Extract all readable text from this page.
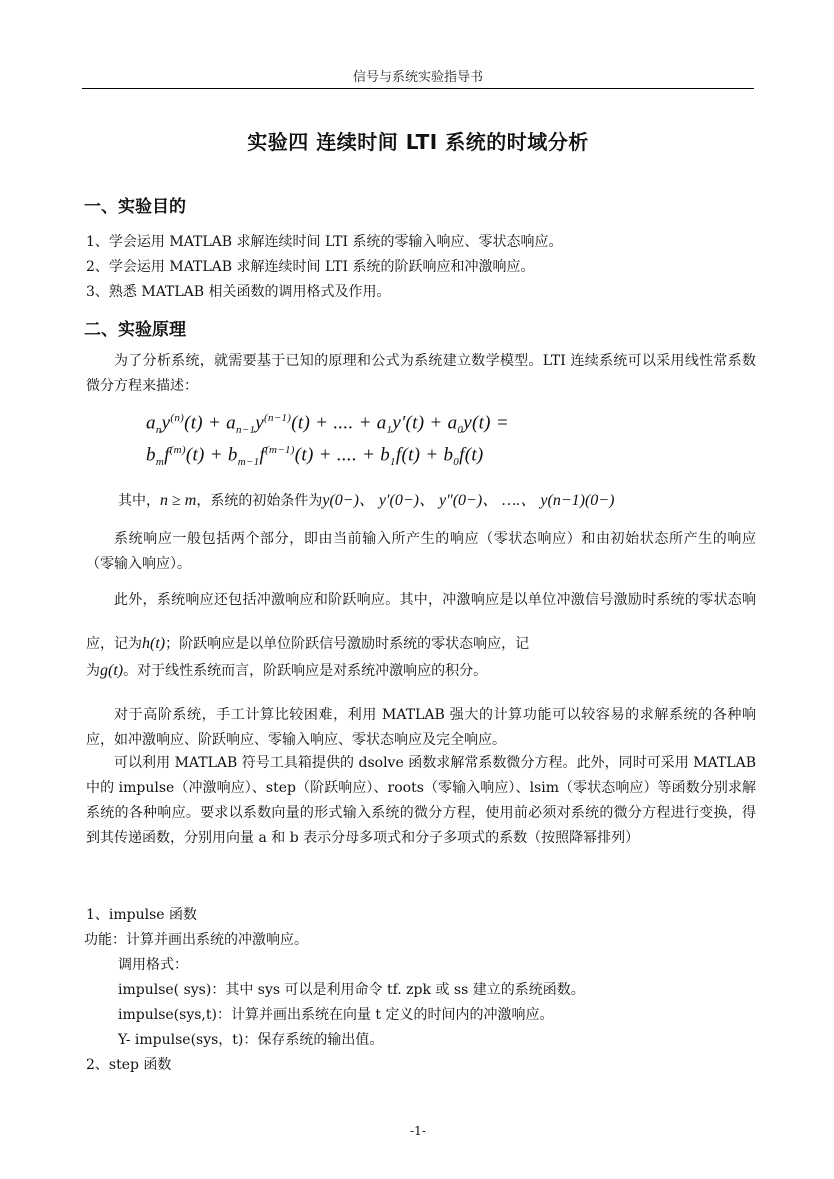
信号与系统实验指导书
实验四 连续时间 LTI 系统的时域分析
一、实验目的
1、学会运用 MATLAB 求解连续时间 LTI 系统的零输入响应、零状态响应。
2、学会运用 MATLAB 求解连续时间 LTI 系统的阶跃响应和冲激响应。
3、熟悉 MATLAB 相关函数的调用格式及作用。
二、实验原理
为了分析系统，就需要基于已知的原理和公式为系统建立数学模型。LTI 连续系统可以采用线性常系数微分方程来描述：
$a_ny^{(n)}(t) + a_{n-1}y^{(n-1)}(t)$ + .... + $a_1y'(t) + a_0y(t)$ =
$b_mf^{(m)}(t) + b_{m-1}f^{(m-1)}(t)$ + .... + $b_1f(t) + b_0f(t)$
其中，n ≥ m，系统的初始条件为y(0−)、 y′(0−)、 y″(0−)、 ….、 y(n−1)(0−)
系统响应一般包括两个部分，即由当前输入所产生的响应（零状态响应）和由初始状态所产生的响应（零输入响应）。
此外，系统响应还包括冲激响应和阶跃响应。其中，冲激响应是以单位冲激信号激励时系统的零状态响应，记为h(t)；阶跃响应是以单位阶跃信号激励时系统的零状态响应，记
为g(t)。对于线性系统而言，阶跃响应是对系统冲激响应的积分。
对于高阶系统，手工计算比较困难，利用 MATLAB 强大的计算功能可以较容易的求解系统的各种响应，如冲激响应、阶跃响应、零输入响应、零状态响应及完全响应。
可以利用 MATLAB 符号工具箱提供的 dsolve 函数求解常系数微分方程。此外，同时可采用 MATLAB 中的 impulse（冲激响应）、step（阶跃响应）、roots（零输入响应）、lsim（零状态响应）等函数分别求解系统的各种响应。要求以系数向量的形式输入系统的微分方程，使用前必须对系统的微分方程进行变换，得到其传递函数，分别用向量 a 和 b 表示分母多项式和分子多项式的系数（按照降幂排列）
1、impulse 函数
功能：计算并画出系统的冲激响应。
调用格式：
impulse( sys)：其中 sys 可以是利用命令 tf. zpk 或 ss 建立的系统函数。
impulse(sys,t)：计算并画出系统在向量 t 定义的时间内的冲激响应。
Y- impulse(sys，t)：保存系统的输出值。
2、step 函数
-1-
